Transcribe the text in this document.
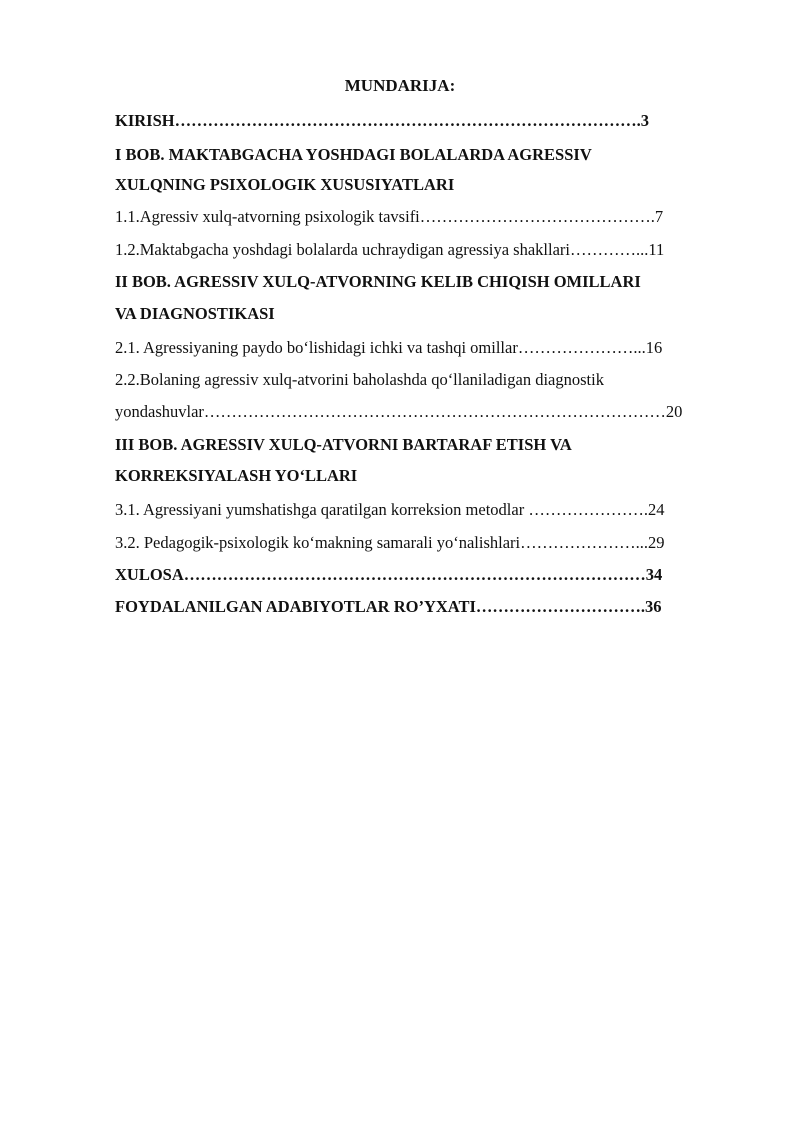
MUNDARIJA:
KIRISH………………………………………………………………………….3
I BOB. MAKTABGACHA YOSHDAGI BOLALARDA AGRESSIV
XULQNING PSIXOLOGIK XUSUSIYATLARI
1.1.Agressiv xulq-atvorning psixologik tavsifi…………………………………….7
1.2.Maktabgacha yoshdagi bolalarda uchraydigan agressiya shakllari…………...11
II BOB. AGRESSIV XULQ-ATVORNING KELIB CHIQISH OMILLARI
VA DIAGNOSTIKASI
2.1. Agressiyaning paydo bo‘lishidagi ichki va tashqi omillar…………………...16
2.2.Bolaning agressiv xulq-atvorini baholashda qo‘llaniladigan diagnostik
yondashuvlar…………………………………………………………………………20
III BOB. AGRESSIV XULQ-ATVORNI BARTARAF ETISH VA
KORREKSIYALASH YO‘LLARI
3.1. Agressiyani yumshatishga qaratilgan korreksion metodlar ………………….24
3.2. Pedagogik-psixologik ko‘makning samarali yo‘nalishlari…………………...29
XULOSA…………………………………………………………………………34
FOYDALANILGAN ADABIYOTLAR RO’YXATI………………………….36
